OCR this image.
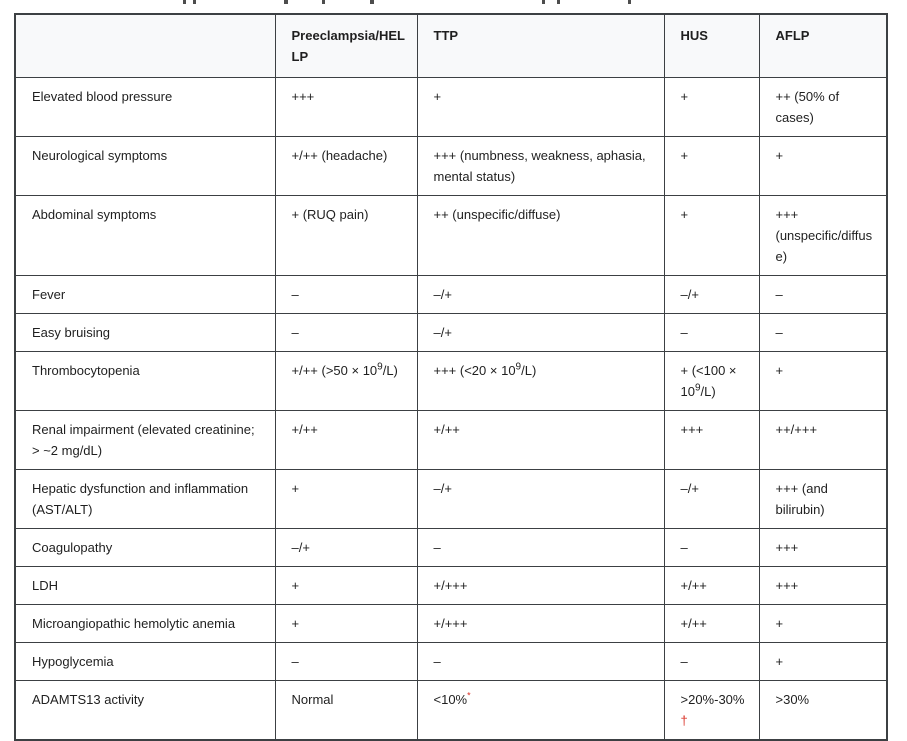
	Preeclampsia/HELLP	TTP	HUS	AFLP
Elevated blood pressure	+++	+	+	++ (50% of cases)
Neurological symptoms	+/++ (headache)	+++ (numbness, weakness, aphasia, mental status)	+	+
Abdominal symptoms	+ (RUQ pain)	++ (unspecific/diffuse)	+	+++ (unspecific/diffuse)
Fever	–	–/+	–/+	–
Easy bruising	–	–/+	–	–
Thrombocytopenia	+/++ $(>50 \times 10^9/L)$	+++ $(<20 \times 10^9/L)$	+ $(<100 \times 10^9/L)$	+
Renal impairment (elevated creatinine; > ~2 mg/dL)	+/++	+/++	+++	++/+++
Hepatic dysfunction and inflammation (AST/ALT)	+	–/+	–/+	+++ (and bilirubin)
Coagulopathy	–/+	–	–	+++
LDH	+	+/+++	+/++	+++
Microangiopathic hemolytic anemia	+	+/+++	+/++	+
Hypoglycemia	–	–	–	+
ADAMTS13 activity	Normal	<10%*	>20%-30%†	>30%
